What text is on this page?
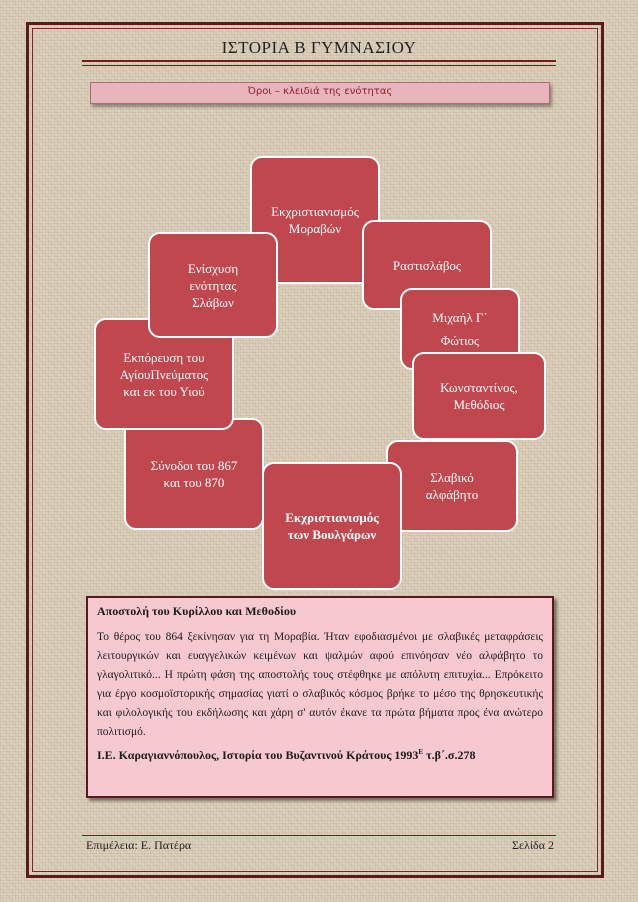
ΙΣΤΟΡΙΑ Β ΓΥΜΝΑΣΙΟΥ
Όροι – κλειδιά της ενότητας
Εκχριστιανισμός
Μοραβών
Ραστισλάβος
Μιχαήλ Γ΄
Φώτιος
Κωνσταντίνος,
Μεθόδιος
Σλαβικό
αλφάβητο
Εκχριστιανισμός
των Βουλγάρων
Σύνοδοι του 867
και του 870
Εκπόρευση του
ΑγίουΠνεύματος
και εκ του Υιού
Ενίσχυση
ενότητας
Σλάβων
Αποστολή του Κυρίλλου και Μεθοδίου

Το θέρος του 864 ξεκίνησαν για τη Μοραβία. Ήταν εφοδιασμένοι με σλαβικές μεταφράσεις λειτουργικών και ευαγγελικών κειμένων και ψαλμών αφού επινόησαν νέο αλφάβητο το γλαγολιτικό... Η πρώτη φάση της αποστολής τους στέφθηκε με απόλυτη επιτυχία... Επρόκειτο για έργο κοσμοϊστορικής σημασίας γιατί ο σλαβικός κόσμος βρήκε το μέσο της θρησκευτικής και φιλολογικής του εκδήλωσης και χάρη σ' αυτόν έκανε τα πρώτα βήματα προς ένα ανώτερο πολιτισμό.

Ι.Ε. Καραγιαννόπουλος, Ιστορία του Βυζαντινού Κράτους $1993^E$ τ.β΄.σ.278
Επιμέλεια: Ε. Πατέρα	Σελίδα 2
